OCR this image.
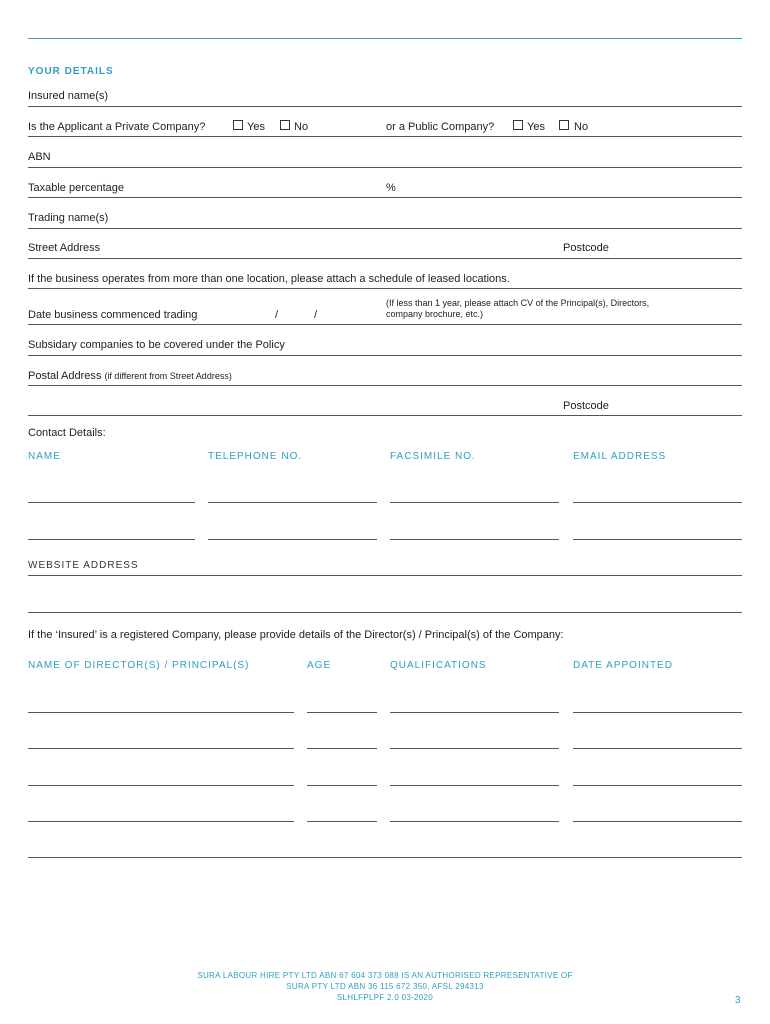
YOUR DETAILS
Insured name(s)
Is the Applicant a Private Company?	Yes	No	or a Public Company?	Yes	No
ABN
Taxable percentage	%
Trading name(s)
Street Address	Postcode
If the business operates from more than one location, please attach a schedule of leased locations.
Date business commenced trading	/	/
(If less than 1 year, please attach CV of the Principal(s), Directors,
company brochure, etc.)
Subsidary companies to be covered under the Policy
Postal Address (if different from Street Address)
Postcode
Contact Details:
NAME	TELEPHONE NO.	FACSIMILE NO.	EMAIL ADDRESS
WEBSITE ADDRESS
If the ‘Insured’ is a registered Company, please provide details of the Director(s) / Principal(s) of the Company:
NAME OF DIRECTOR(S) / PRINCIPAL(S)	AGE	QUALIFICATIONS	DATE APPOINTED
SURA LABOUR HIRE PTY LTD ABN 67 604 373 088 IS AN AUTHORISED REPRESENTATIVE OF
SURA PTY LTD ABN 36 115 672 350, AFSL 294313
SLHLFPLPF 2.0 03-2020	3
